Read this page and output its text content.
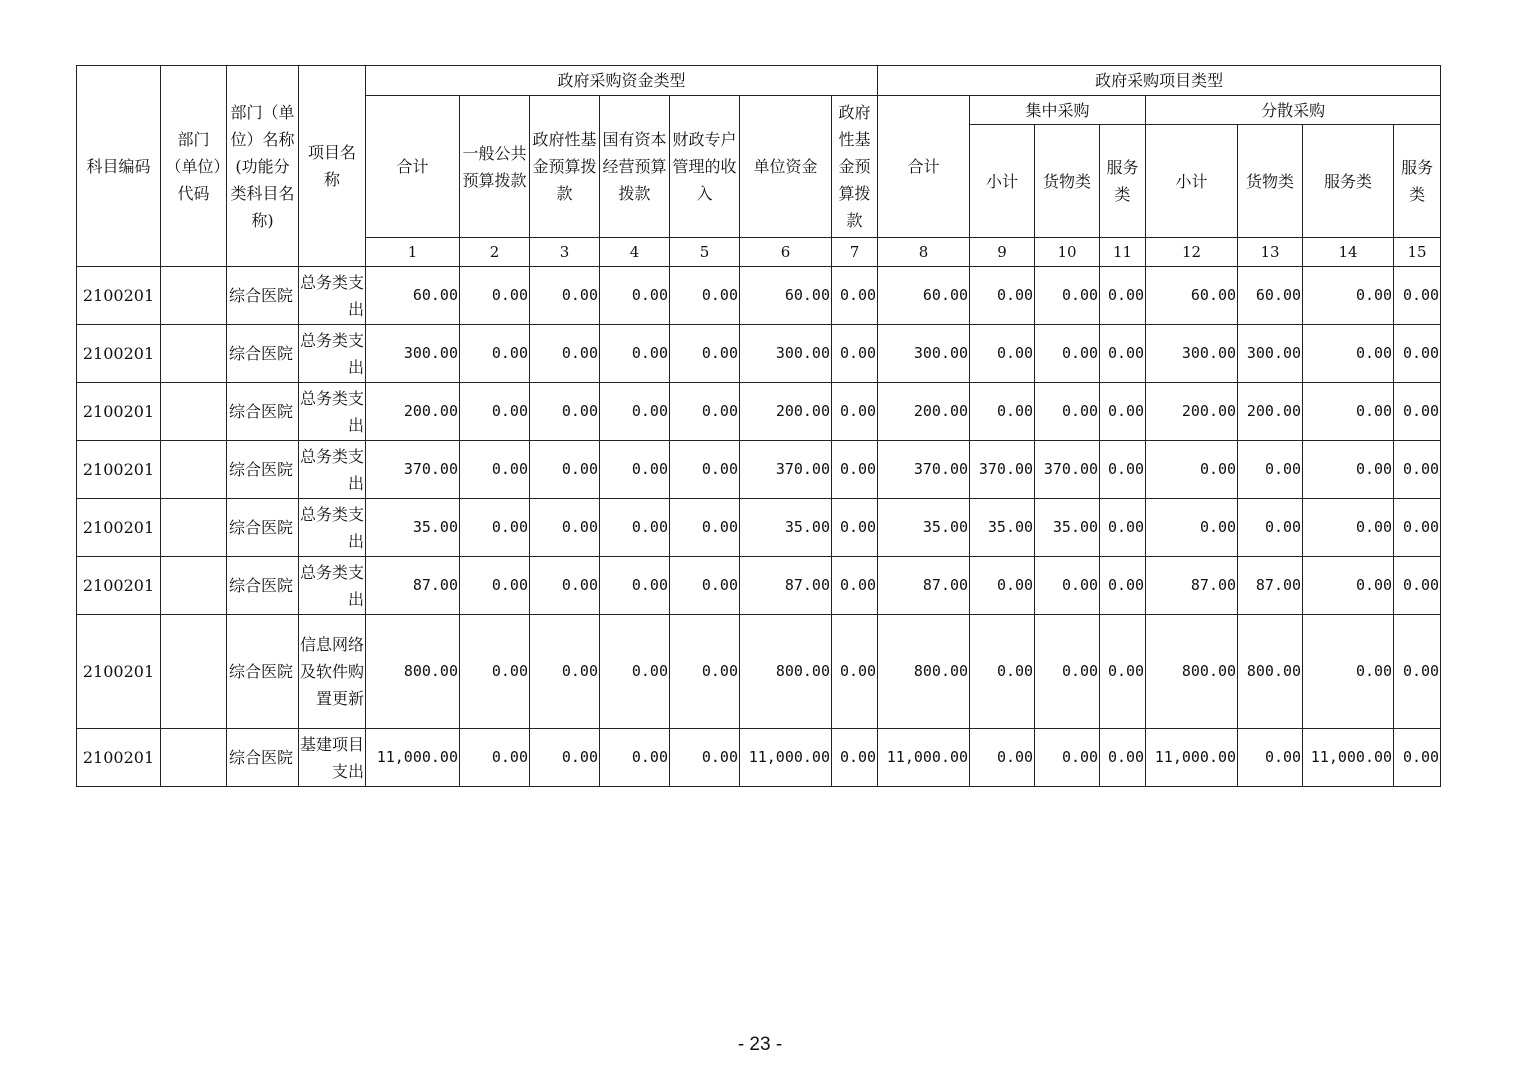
科目编码	部门（单位）代码	部门（单位）名称(功能分类科目名称)	项目名称	政府采购资金类型							政府采购项目类型							
				合计	一般公共预算拨款	政府性基金预算拨款	国有资本经营预算拨款	财政专户管理的收入	单位资金	政府性基金预算拨款	合计	集中采购			分散采购			
												小计	货物类	服务类	小计	货物类	服务类	服务类
				1	2	3	4	5	6	7	8	9	10	11	12	13	14	15
2100201		综合医院	总务类支出	60.00	0.00	0.00	0.00	0.00	60.00	0.00	60.00	0.00	0.00	0.00	60.00	60.00	0.00	0.00
2100201		综合医院	总务类支出	300.00	0.00	0.00	0.00	0.00	300.00	0.00	300.00	0.00	0.00	0.00	300.00	300.00	0.00	0.00
2100201		综合医院	总务类支出	200.00	0.00	0.00	0.00	0.00	200.00	0.00	200.00	0.00	0.00	0.00	200.00	200.00	0.00	0.00
2100201		综合医院	总务类支出	370.00	0.00	0.00	0.00	0.00	370.00	0.00	370.00	370.00	370.00	0.00	0.00	0.00	0.00	0.00
2100201		综合医院	总务类支出	35.00	0.00	0.00	0.00	0.00	35.00	0.00	35.00	35.00	35.00	0.00	0.00	0.00	0.00	0.00
2100201		综合医院	总务类支出	87.00	0.00	0.00	0.00	0.00	87.00	0.00	87.00	0.00	0.00	0.00	87.00	87.00	0.00	0.00
2100201		综合医院	信息网络及软件购置更新	800.00	0.00	0.00	0.00	0.00	800.00	0.00	800.00	0.00	0.00	0.00	800.00	800.00	0.00	0.00
2100201		综合医院	基建项目支出	11,000.00	0.00	0.00	0.00	0.00	11,000.00	0.00	11,000.00	0.00	0.00	0.00	11,000.00	0.00	11,000.00	0.00
- 23 -
